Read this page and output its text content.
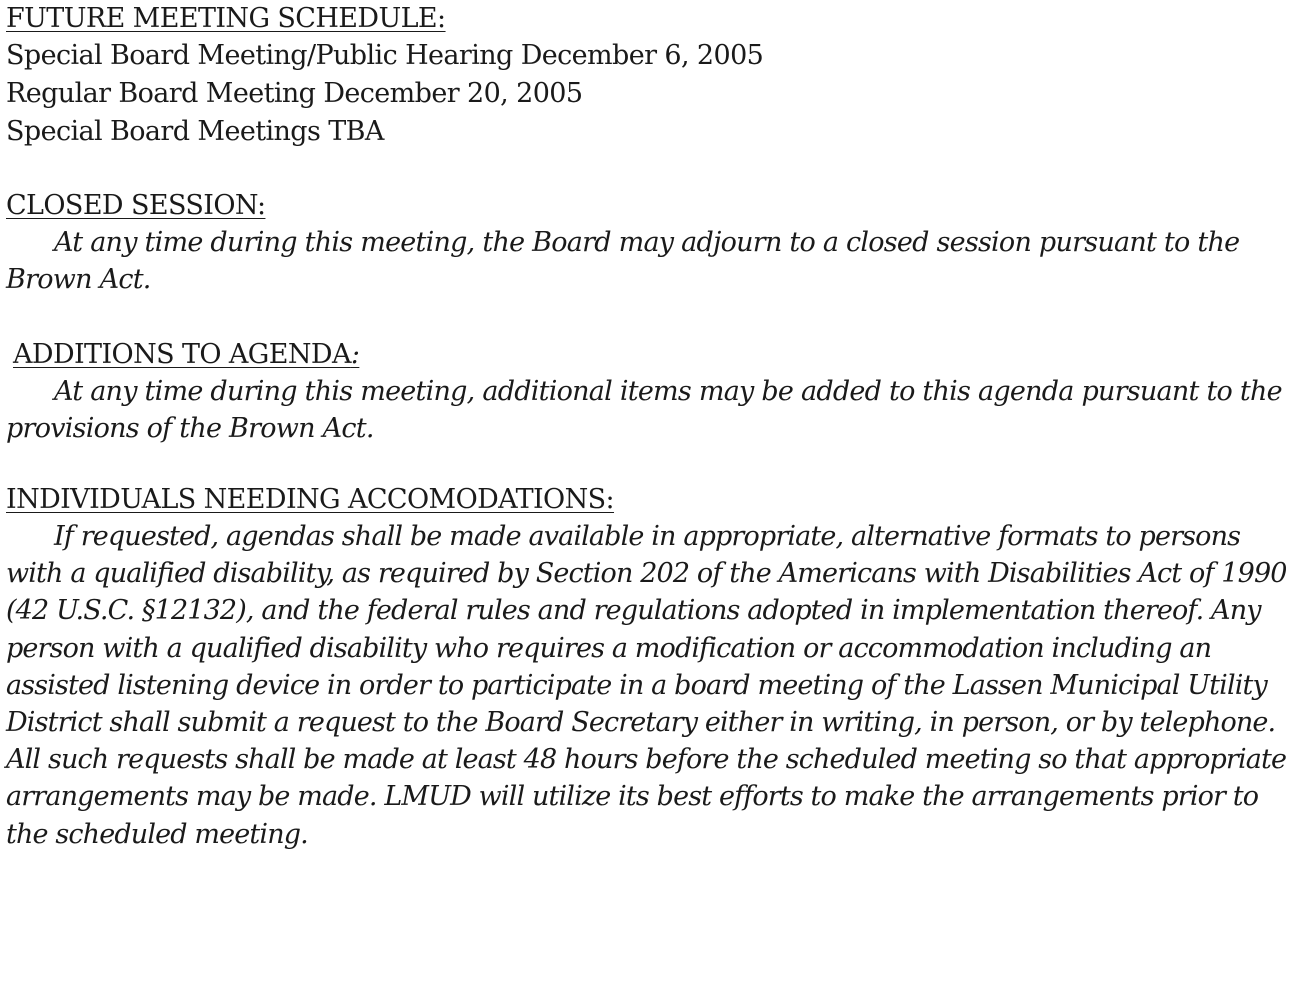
FUTURE MEETING SCHEDULE:
Special Board Meeting/Public Hearing December 6, 2005
Regular Board Meeting December 20, 2005
Special Board Meetings TBA
CLOSED SESSION:

At any time during this meeting, the Board may adjourn to a closed session pursuant to the Brown Act.

ADDITIONS TO AGENDA:

At any time during this meeting, additional items may be added to this agenda pursuant to the provisions of the Brown Act.

INDIVIDUALS NEEDING ACCOMODATIONS:

If requested, agendas shall be made available in appropriate, alternative formats to persons with a qualified disability, as required by Section 202 of the Americans with Disabilities Act of 1990 (42 U.S.C. §12132), and the federal rules and regulations adopted in implementation thereof. Any person with a qualified disability who requires a modification or accommodation including an assisted listening device in order to participate in a board meeting of the Lassen Municipal Utility District shall submit a request to the Board Secretary either in writing, in person, or by telephone. All such requests shall be made at least 48 hours before the scheduled meeting so that appropriate arrangements may be made. LMUD will utilize its best efforts to make the arrangements prior to the scheduled meeting.
